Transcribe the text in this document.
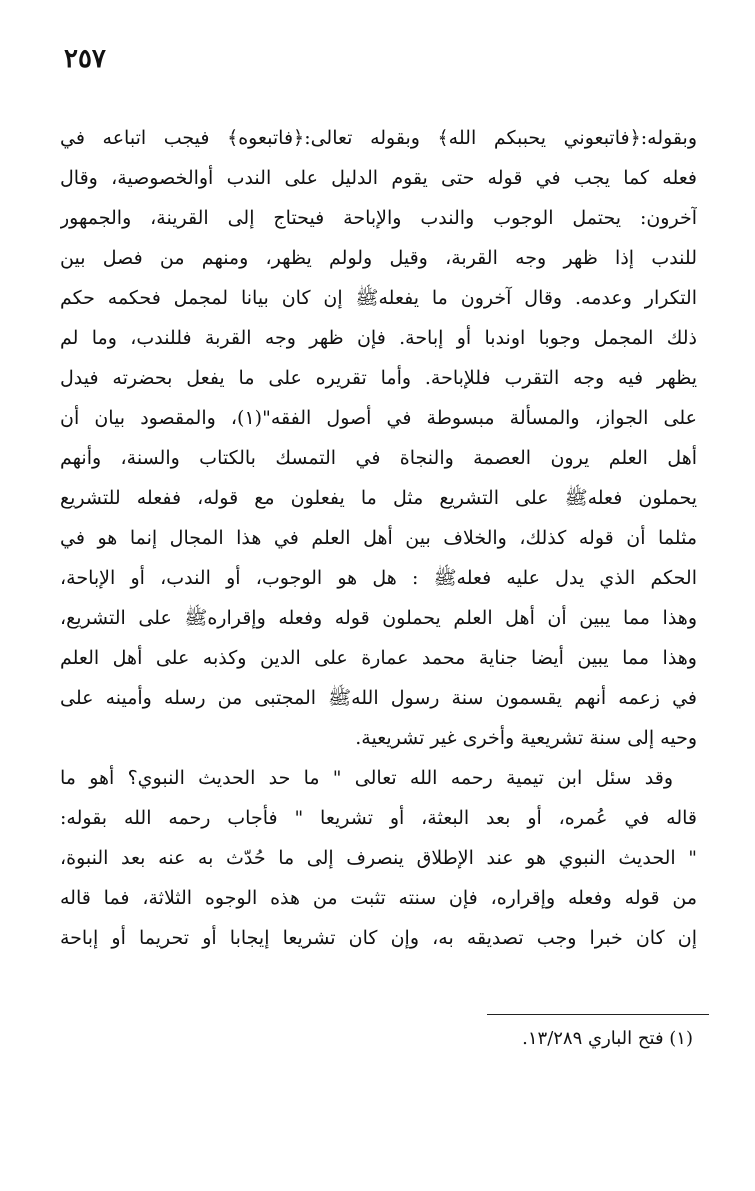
٢٥٧
وبقوله:﴿فاتبعوني يحببكم الله﴾ وبقوله تعالى:﴿فاتبعوه﴾ فيجب اتباعه في
فعله كما يجب في قوله حتى يقوم الدليل على الندب أوالخصوصية، وقال
آخرون: يحتمل الوجوب والندب والإباحة فيحتاج إلى القرينة، والجمهور
للندب إذا ظهر وجه القربة، وقيل ولولم يظهر، ومنهم من فصل بين
التكرار وعدمه. وقال آخرون ما يفعلهﷺ إن كان بيانا لمجمل فحكمه حكم
ذلك المجمل وجوبا اوندبا أو إباحة. فإن ظهر وجه القربة فللندب، وما لم
يظهر فيه وجه التقرب فللإباحة. وأما تقريره على ما يفعل بحضرته فيدل
على الجواز، والمسألة مبسوطة في أصول الفقه"(١)، والمقصود بيان أن
أهل العلم يرون العصمة والنجاة في التمسك بالكتاب والسنة، وأنهم
يحملون فعلهﷺ على التشريع مثل ما يفعلون مع قوله، ففعله للتشريع
مثلما أن قوله كذلك، والخلاف بين أهل العلم في هذا المجال إنما هو في
الحكم الذي يدل عليه فعلهﷺ : هل هو الوجوب، أو الندب، أو الإباحة،
وهذا مما يبين أن أهل العلم يحملون قوله وفعله وإقرارهﷺ على التشريع،
وهذا مما يبين أيضا جناية محمد عمارة على الدين وكذبه على أهل العلم
في زعمه أنهم يقسمون سنة رسول اللهﷺ المجتبى من رسله وأمينه على
وحيه إلى سنة تشريعية وأخرى غير تشريعية.
وقد سئل ابن تيمية رحمه الله تعالى " ما حد الحديث النبوي؟ أهو ما
قاله في عُمره، أو بعد البعثة، أو تشريعا " فأجاب رحمه الله بقوله:
" الحديث النبوي هو عند الإطلاق ينصرف إلى ما حُدّث به عنه بعد النبوة،
من قوله وفعله وإقراره، فإن سنته تثبت من هذه الوجوه الثلاثة، فما قاله
إن كان خبرا وجب تصديقه به، وإن كان تشريعا إيجابا أو تحريما أو إباحة
(١) فتح الباري ١٣/٢٨٩.
